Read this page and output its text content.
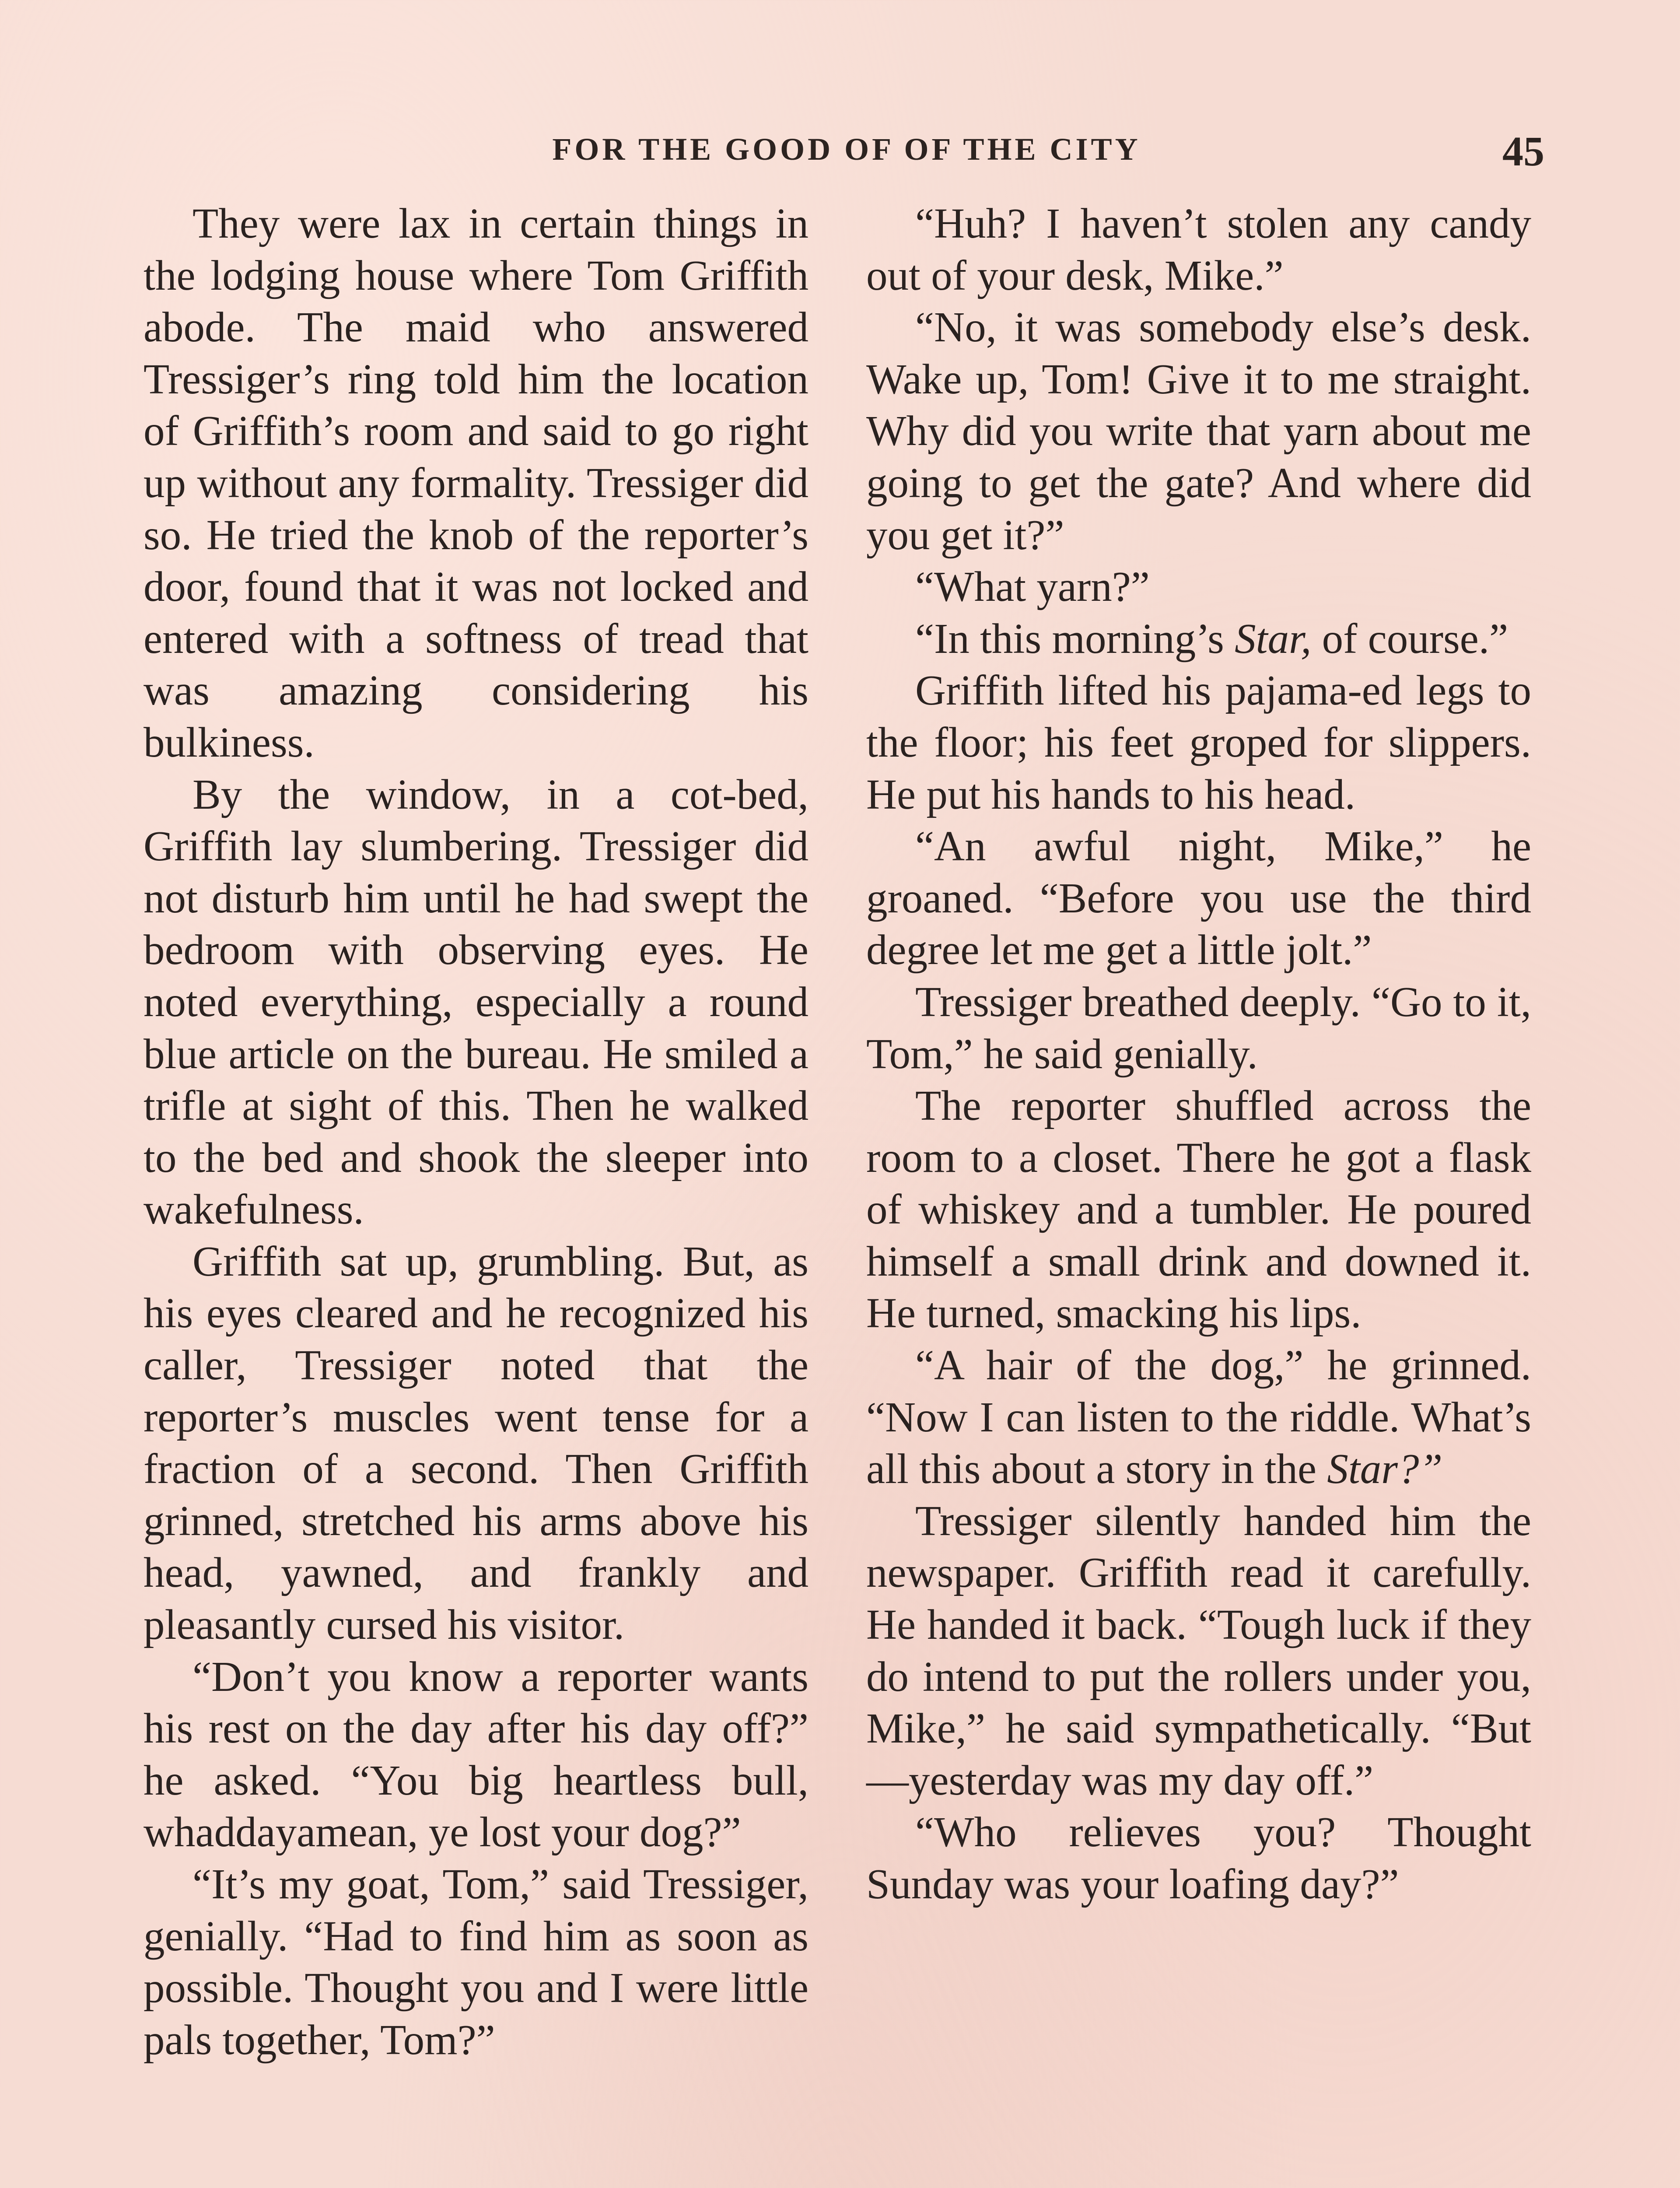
FOR THE GOOD OF OF THE CITY	45

They were lax in certain things in the lodging house where Tom Griffith abode. The maid who answered Tressiger’s ring told him the location of Griffith’s room and said to go right up without any formality. Tressiger did so. He tried the knob of the reporter’s door, found that it was not locked and entered with a softness of tread that was amazing considering his bulkiness.

By the window, in a cot-bed, Griffith lay slumbering. Tressiger did not disturb him until he had swept the bedroom with observing eyes. He noted everything, especially a round blue article on the bureau. He smiled a trifle at sight of this. Then he walked to the bed and shook the sleeper into wakefulness.

Griffith sat up, grumbling. But, as his eyes cleared and he recognized his caller, Tressiger noted that the reporter’s muscles went tense for a fraction of a second. Then Griffith grinned, stretched his arms above his head, yawned, and frankly and pleasantly cursed his visitor.

“Don’t you know a reporter wants his rest on the day after his day off?” he asked. “You big heartless bull, whaddayamean, ye lost your dog?”

“It’s my goat, Tom,” said Tressiger, genially. “Had to find him as soon as possible. Thought you and I were little pals together, Tom?”

“Huh? I haven’t stolen any candy out of your desk, Mike.”

“No, it was somebody else’s desk. Wake up, Tom! Give it to me straight. Why did you write that yarn about me going to get the gate? And where did you get it?”

“What yarn?”

“In this morning’s Star, of course.”

Griffith lifted his pajama-ed legs to the floor; his feet groped for slippers. He put his hands to his head.

“An awful night, Mike,” he groaned. “Before you use the third degree let me get a little jolt.”

Tressiger breathed deeply. “Go to it, Tom,” he said genially.

The reporter shuffled across the room to a closet. There he got a flask of whiskey and a tumbler. He poured himself a small drink and downed it. He turned, smacking his lips.

“A hair of the dog,” he grinned. “Now I can listen to the riddle. What’s all this about a story in the Star?”

Tressiger silently handed him the newspaper. Griffith read it carefully. He handed it back. “Tough luck if they do intend to put the rollers under you, Mike,” he said sympathetically. “But—yesterday was my day off.”

“Who relieves you? Thought Sunday was your loafing day?”
